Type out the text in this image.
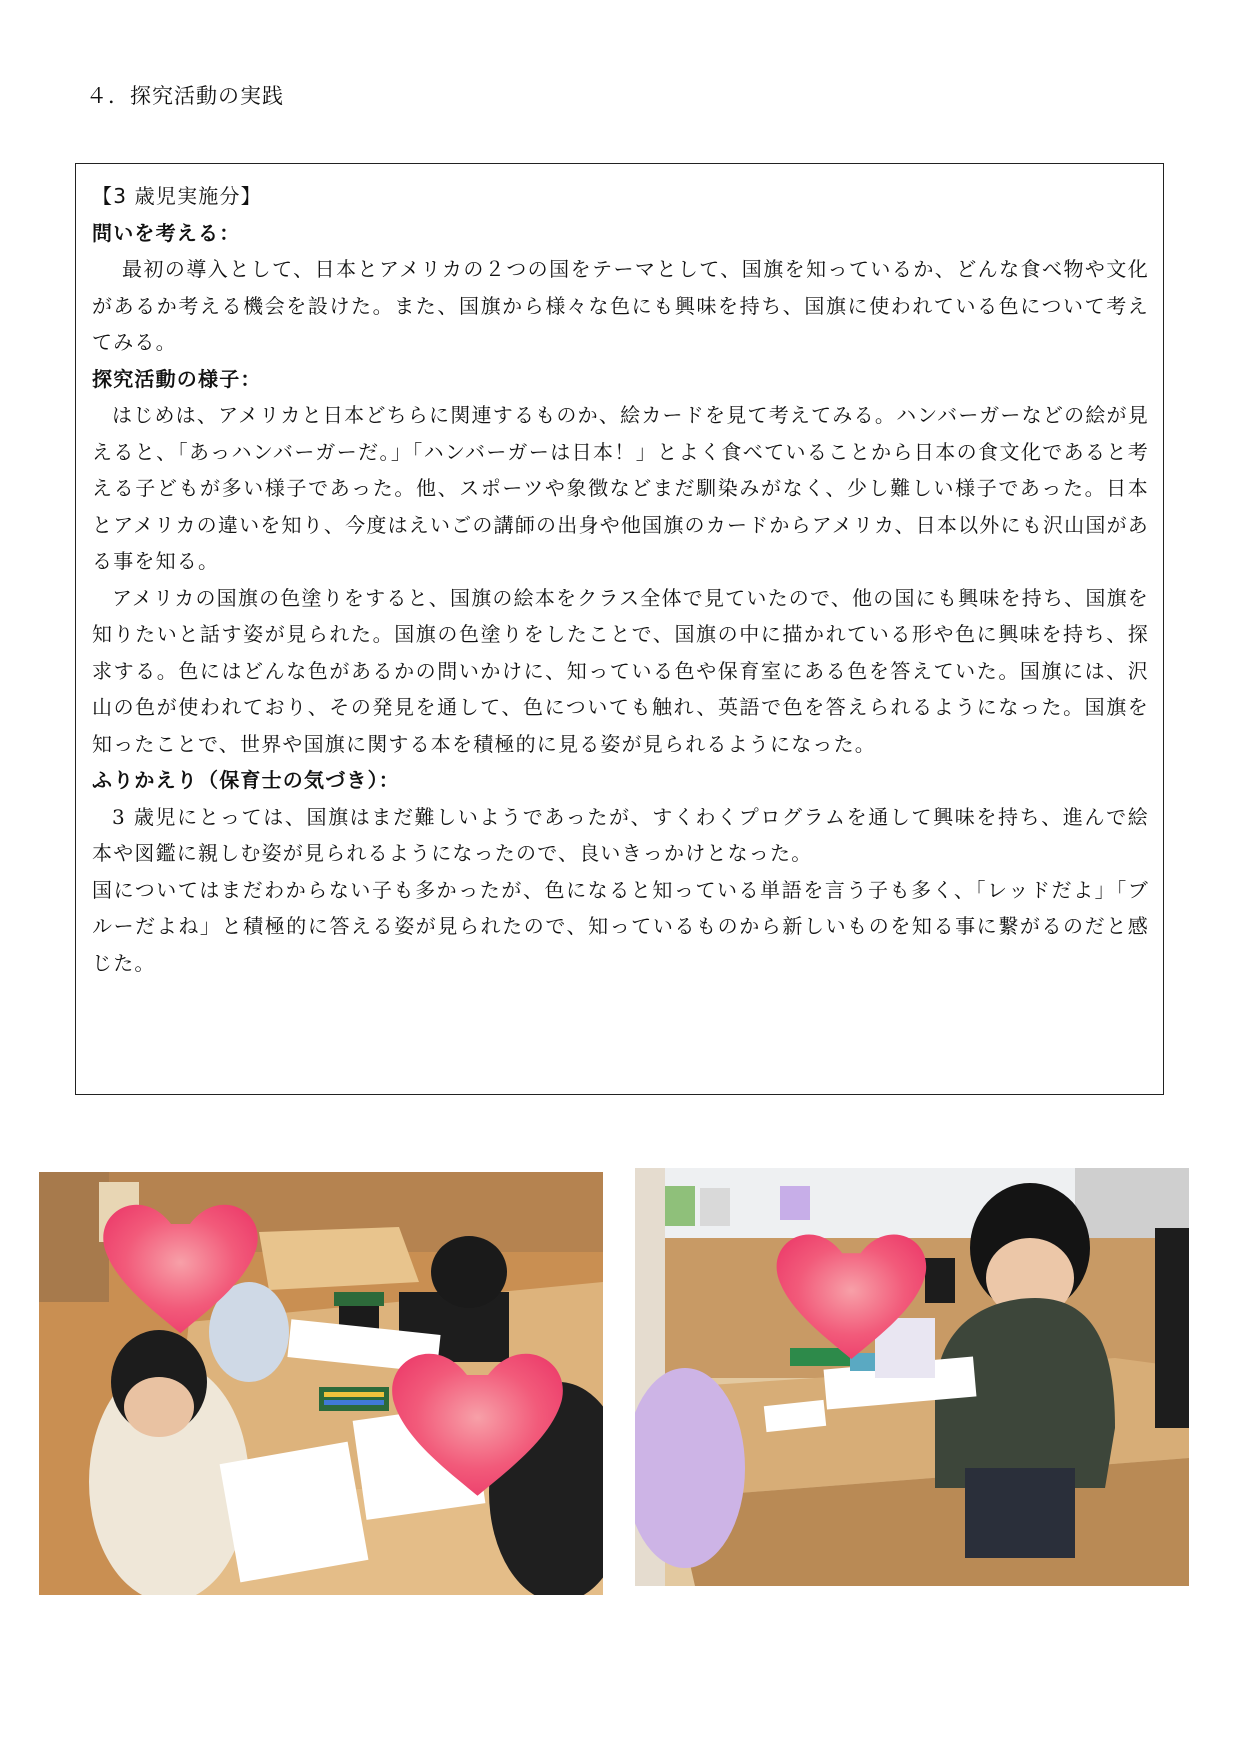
４．探究活動の実践

【3 歳児実施分】

問いを考える：

最初の導入として、日本とアメリカの２つの国をテーマとして、国旗を知っているか、どんな食べ物や文化があるか考える機会を設けた。また、国旗から様々な色にも興味を持ち、国旗に使われている色について考えてみる。

探究活動の様子：

はじめは、アメリカと日本どちらに関連するものか、絵カードを見て考えてみる。ハンバーガーなどの絵が見えると、「あっハンバーガーだ。」「ハンバーガーは日本！」とよく食べていることから日本の食文化であると考える子どもが多い様子であった。他、スポーツや象徴などまだ馴染みがなく、少し難しい様子であった。日本とアメリカの違いを知り、今度はえいごの講師の出身や他国旗のカードからアメリカ、日本以外にも沢山国がある事を知る。

アメリカの国旗の色塗りをすると、国旗の絵本をクラス全体で見ていたので、他の国にも興味を持ち、国旗を知りたいと話す姿が見られた。国旗の色塗りをしたことで、国旗の中に描かれている形や色に興味を持ち、探求する。色にはどんな色があるかの問いかけに、知っている色や保育室にある色を答えていた。国旗には、沢山の色が使われており、その発見を通して、色についても触れ、英語で色を答えられるようになった。国旗を知ったことで、世界や国旗に関する本を積極的に見る姿が見られるようになった。

ふりかえり（保育士の気づき）：

3 歳児にとっては、国旗はまだ難しいようであったが、すくわくプログラムを通して興味を持ち、進んで絵本や図鑑に親しむ姿が見られるようになったので、良いきっかけとなった。

国についてはまだわからない子も多かったが、色になると知っている単語を言う子も多く、「レッドだよ」「ブルーだよね」と積極的に答える姿が見られたので、知っているものから新しいものを知る事に繋がるのだと感じた。
